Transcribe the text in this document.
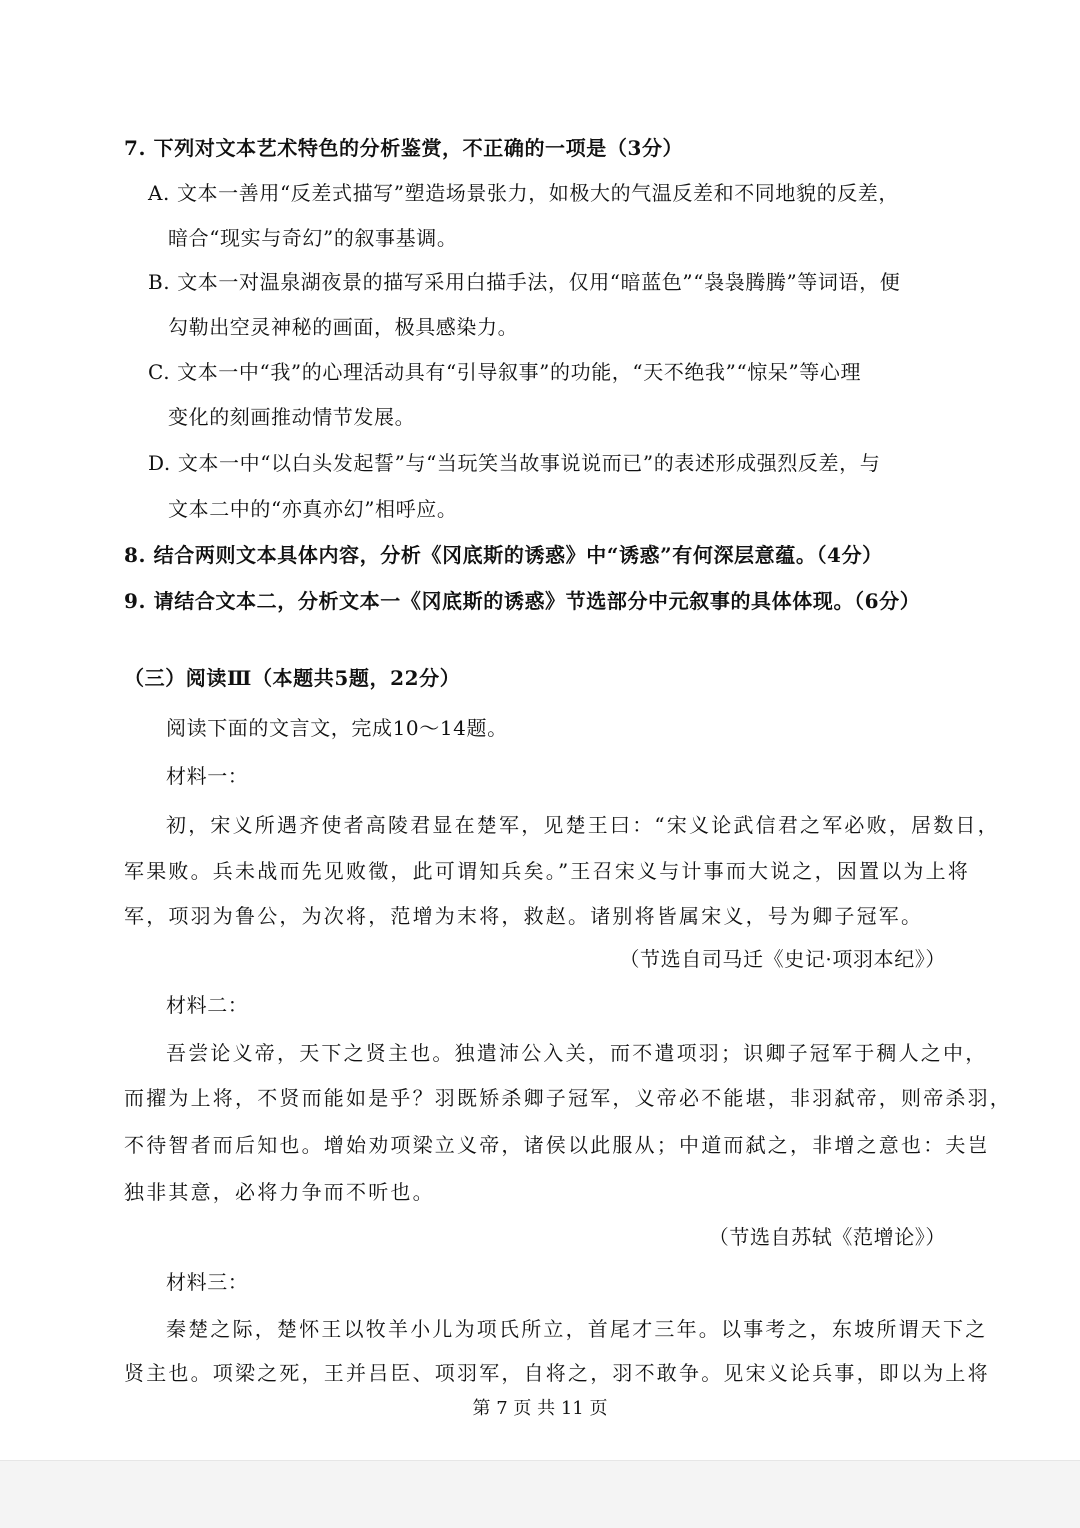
7. 下列对文本艺术特色的分析鉴赏，不正确的一项是（3分）
A. 文本一善用“反差式描写”塑造场景张力，如极大的气温反差和不同地貌的反差，
暗合“现实与奇幻”的叙事基调。
B. 文本一对温泉湖夜景的描写采用白描手法，仅用“暗蓝色”“袅袅腾腾”等词语，便
勾勒出空灵神秘的画面，极具感染力。
C. 文本一中“我”的心理活动具有“引导叙事”的功能，“天不绝我”“惊呆”等心理
变化的刻画推动情节发展。
D. 文本一中“以白头发起誓”与“当玩笑当故事说说而已”的表述形成强烈反差，与
文本二中的“亦真亦幻”相呼应。
8. 结合两则文本具体内容，分析《冈底斯的诱惑》中“诱惑”有何深层意蕴。（4分）
9. 请结合文本二，分析文本一《冈底斯的诱惑》节选部分中元叙事的具体体现。（6分）
（三）阅读Ⅲ（本题共5题，22分）
阅读下面的文言文，完成10～14题。
材料一：
初，宋义所遇齐使者高陵君显在楚军，见楚王曰：“宋义论武信君之军必败，居数日，
军果败。兵未战而先见败徵，此可谓知兵矣。”王召宋义与计事而大说之，因置以为上将
军，项羽为鲁公，为次将，范增为末将，救赵。诸别将皆属宋义，号为卿子冠军。
（节选自司马迁《史记·项羽本纪》）
材料二：
吾尝论义帝，天下之贤主也。独遣沛公入关，而不遣项羽；识卿子冠军于稠人之中，
而擢为上将，不贤而能如是乎？羽既矫杀卿子冠军，义帝必不能堪，非羽弑帝，则帝杀羽，
不待智者而后知也。增始劝项梁立义帝，诸侯以此服从；中道而弑之，非增之意也：夫岂
独非其意，必将力争而不听也。
（节选自苏轼《范增论》）
材料三：
秦楚之际，楚怀王以牧羊小儿为项氏所立，首尾才三年。以事考之，东坡所谓天下之
贤主也。项梁之死，王并吕臣、项羽军，自将之，羽不敢争。见宋义论兵事，即以为上将
第 7 页 共 11 页
